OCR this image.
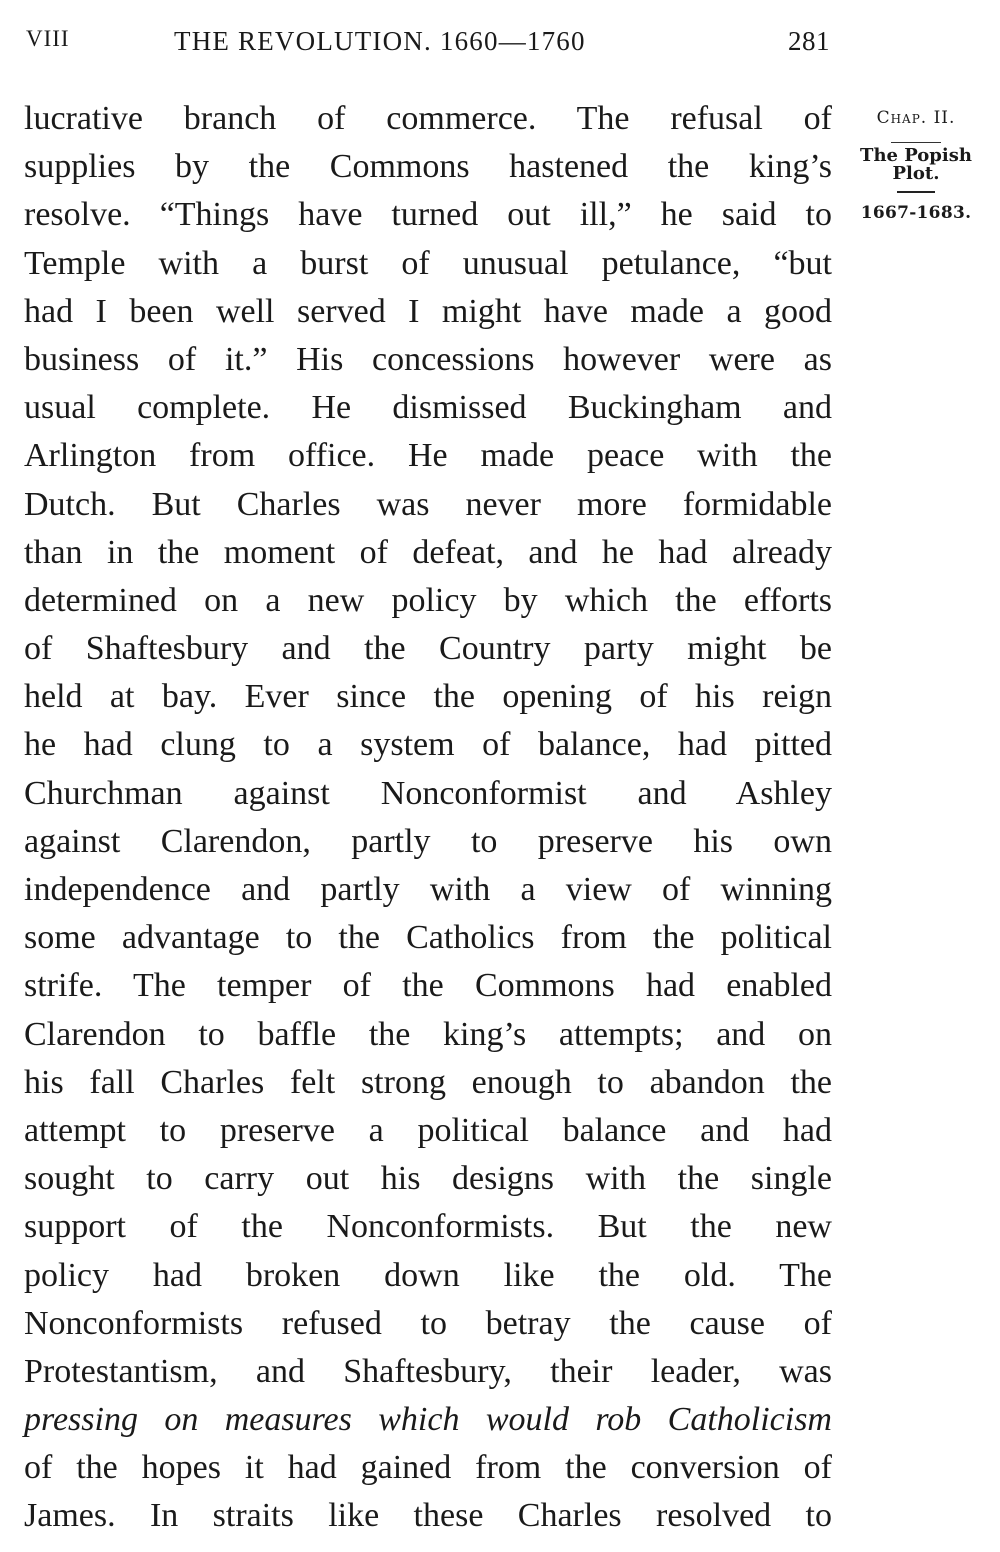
VIII	THE REVOLUTION. 1660—1760	281
Chap. II.
The Popish Plot.
1667-1683.
lucrative branch of commerce. The refusal of
supplies by the Commons hastened the king’s
resolve. “Things have turned out ill,” he said to
Temple with a burst of unusual petulance, “but
had I been well served I might have made a good
business of it.” His concessions however were as
usual complete. He dismissed Buckingham and
Arlington from office. He made peace with the
Dutch. But Charles was never more formidable
than in the moment of defeat, and he had already
determined on a new policy by which the efforts
of Shaftesbury and the Country party might be
held at bay. Ever since the opening of his reign
he had clung to a system of balance, had pitted
Churchman against Nonconformist and Ashley
against Clarendon, partly to preserve his own
independence and partly with a view of winning
some advantage to the Catholics from the political
strife. The temper of the Commons had enabled
Clarendon to baffle the king’s attempts; and on
his fall Charles felt strong enough to abandon the
attempt to preserve a political balance and had
sought to carry out his designs with the single
support of the Nonconformists. But the new
policy had broken down like the old. The
Nonconformists refused to betray the cause of
Protestantism, and Shaftesbury, their leader, was
pressing on measures which would rob Catholicism
of the hopes it had gained from the conversion of
James. In straits like these Charles resolved to
